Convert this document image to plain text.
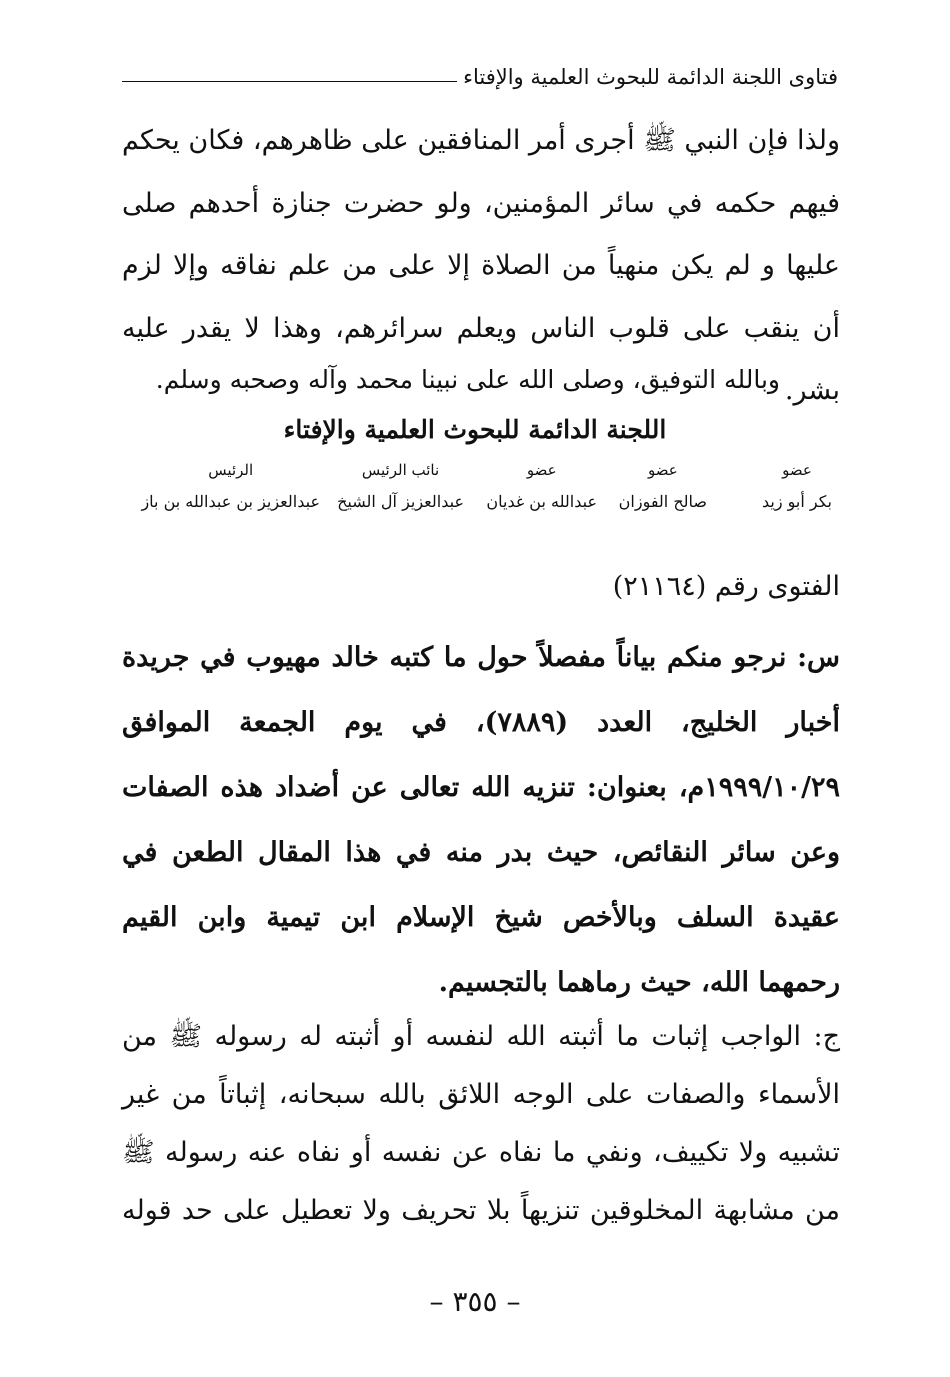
فتاوى اللجنة الدائمة للبحوث العلمية والإفتاء

ولذا فإن النبي ﷺ أجرى أمر المنافقين على ظاهرهم، فكان يحكم فيهم حكمه في سائر المؤمنين، ولو حضرت جنازة أحدهم صلى عليها و لم يكن منهياً من الصلاة إلا على من علم نفاقه وإلا لزم أن ينقب على قلوب الناس ويعلم سرائرهم، وهذا لا يقدر عليه بشر.

وبالله التوفيق، وصلى الله على نبينا محمد وآله وصحبه وسلم.
اللجنة الدائمة للبحوث العلمية والإفتاء
عضو
بكر أبو زيد
عضو
صالح الفوزان
عضو
عبدالله بن غديان
نائب الرئيس
عبدالعزيز آل الشيخ
الرئيس
عبدالعزيز بن عبدالله بن باز
الفتوى رقم (٢١١٦٤)

س: نرجو منكم بياناً مفصلاً حول ما كتبه خالد مهيوب في جريدة أخبار الخليج، العدد (٧٨٨٩)، في يوم الجمعة الموافق ١٩٩٩/١٠/٢٩م، بعنوان: تنزيه الله تعالى عن أضداد هذه الصفات وعن سائر النقائص، حيث بدر منه في هذا المقال الطعن في عقيدة السلف وبالأخص شيخ الإسلام ابن تيمية وابن القيم رحمهما الله، حيث رماهما بالتجسيم.

ج: الواجب إثبات ما أثبته الله لنفسه أو أثبته له رسوله ﷺ من الأسماء والصفات على الوجه اللائق بالله سبحانه، إثباتاً من غير تشبيه ولا تكييف، ونفي ما نفاه عن نفسه أو نفاه عنه رسوله ﷺ من مشابهة المخلوقين تنزيهاً بلا تحريف ولا تعطيل على حد قوله

– ٣٥٥ –
